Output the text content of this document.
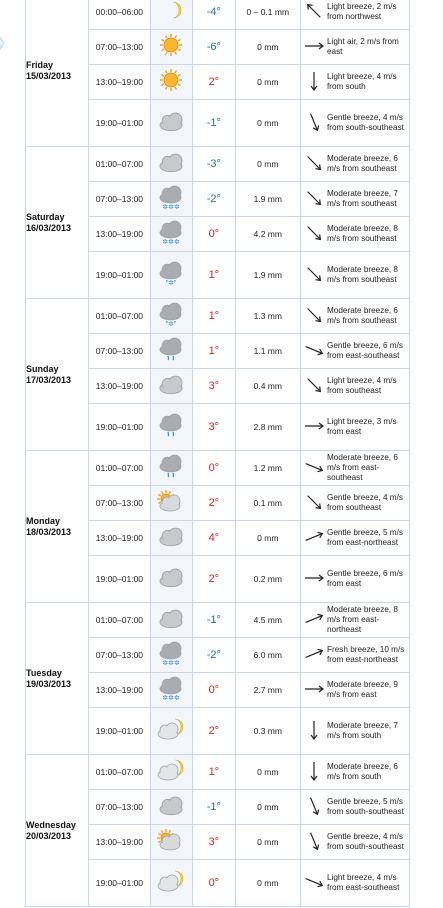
Friday
15/03/2013	00:00–06:00		-4°	0 – 0.1 mm	Light breeze, 2 m/s from northwest

	07:00–13:00		-6°	0 mm	Light air, 2 m/s from east

	13:00–19:00		2°	0 mm	Light breeze, 4 m/s from south

	19:00–01:00		-1°	0 mm	Gentle breeze, 4 m/s from south-southeast

Saturday
16/03/2013	01:00–07:00		-3°	0 mm	Moderate breeze, 6 m/s from southeast

	07:00–13:00	✲✲✲	-2°	1.9 mm	Moderate breeze, 7 m/s from southeast

	13:00–19:00	✲✲✲	0°	4.2 mm	Moderate breeze, 8 m/s from southeast

	19:00–01:00	❜✲❜	1°	1.9 mm	Moderate breeze, 8 m/s from southeast

Sunday
17/03/2013	01:00–07:00	❜✲❜	1°	1.3 mm	Moderate breeze, 6 m/s from southeast

	07:00–13:00		1°	1.1 mm	Gentle breeze, 6 m/s from east-southeast

	13:00–19:00		3°	0.4 mm	Light breeze, 4 m/s from southeast

	19:00–01:00		3°	2.8 mm	Light breeze, 3 m/s from east

Monday
18/03/2013	01:00–07:00		0°	1.2 mm	Moderate breeze, 6 m/s from east-southeast

	07:00–13:00		2°	0.1 mm	Gentle breeze, 4 m/s from southeast

	13:00–19:00		4°	0 mm	Gentle breeze, 5 m/s from east-northeast

	19:00–01:00		2°	0.2 mm	Gentle breeze, 6 m/s from east

Tuesday
19/03/2013	01:00–07:00		-1°	4.5 mm	Moderate breeze, 8 m/s from east-northeast

	07:00–13:00	✲✲✲	-2°	6.0 mm	Fresh breeze, 10 m/s from east-northeast

	13:00–19:00	✲✲✲	0°	2.7 mm	Moderate breeze, 9 m/s from east

	19:00–01:00		2°	0.3 mm	Moderate breeze, 7 m/s from south

Wednesday
20/03/2013	01:00–07:00		1°	0 mm	Moderate breeze, 6 m/s from south

	07:00–13:00		-1°	0 mm	Gentle breeze, 5 m/s from south-southeast

	13:00–19:00		3°	0 mm	Gentle breeze, 4 m/s from south-southeast

	19:00–01:00		0°	0 mm	Light breeze, 4 m/s from east-southeast
